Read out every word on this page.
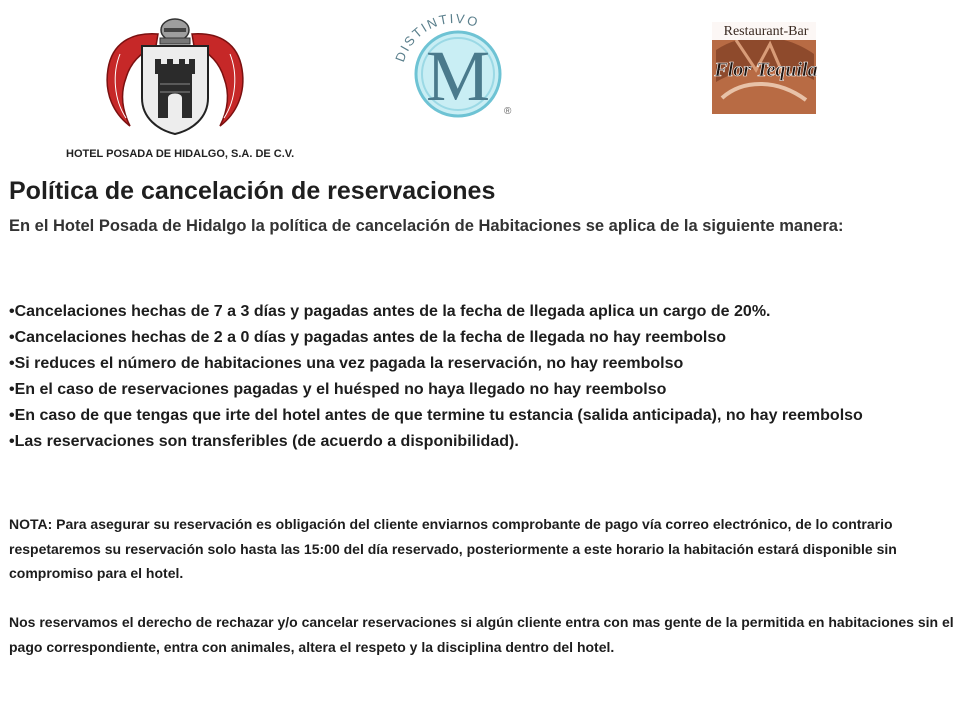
DISTINTIVO
M ®
Restaurant-Bar
Flor Tequila
HOTEL POSADA DE HIDALGO, S.A. DE C.V.
Política de cancelación de reservaciones
En el Hotel Posada de Hidalgo la política de cancelación de Habitaciones se aplica de la siguiente manera:
•Cancelaciones hechas de 7 a 3 días y pagadas antes de la fecha de llegada aplica un cargo de 20%.
•Cancelaciones hechas de 2 a 0 días y pagadas antes de la fecha de llegada no hay reembolso
•Si reduces el número de habitaciones una vez pagada la reservación, no hay reembolso
•En el caso de reservaciones pagadas y el huésped no haya llegado no hay reembolso
•En caso de que tengas que irte del hotel antes de que termine tu estancia (salida anticipada), no hay reembolso
•Las reservaciones son transferibles (de acuerdo a disponibilidad).
NOTA: Para asegurar su reservación es obligación del cliente enviarnos comprobante de pago vía correo electrónico, de lo contrario respetaremos su reservación solo hasta las 15:00 del día reservado, posteriormente a este horario la habitación estará disponible sin compromiso para el hotel.
Nos reservamos el derecho de rechazar y/o cancelar reservaciones si algún cliente entra con mas gente de la permitida en habitaciones sin el pago correspondiente, entra con animales, altera el respeto y la disciplina dentro del hotel.
